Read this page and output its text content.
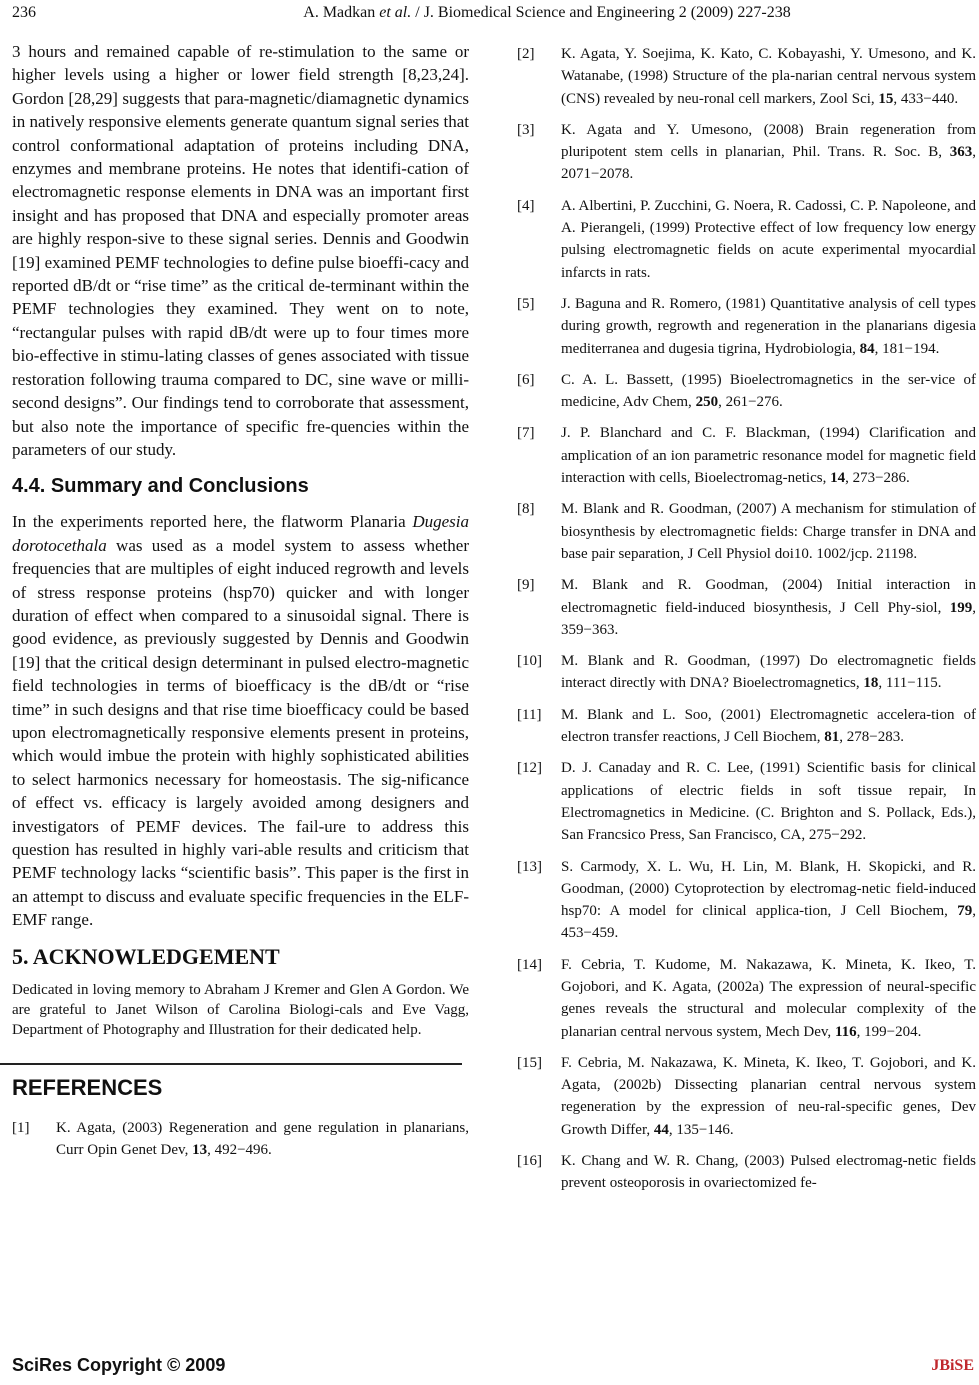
236	A. Madkan et al. / J. Biomedical Science and Engineering 2 (2009) 227-238

3 hours and remained capable of re-stimulation to the same or higher levels using a higher or lower field strength [8,23,24]. Gordon [28,29] suggests that para-magnetic/diamagnetic dynamics in natively responsive elements generate quantum signal series that control conformational adaptation of proteins including DNA, enzymes and membrane proteins. He notes that identifi-cation of electromagnetic response elements in DNA was an important first insight and has proposed that DNA and especially promoter areas are highly respon-sive to these signal series. Dennis and Goodwin [19] examined PEMF technologies to define pulse bioeffi-cacy and reported dB/dt or “rise time” as the critical de-terminant within the PEMF technologies they examined. They went on to note, “rectangular pulses with rapid dB/dt were up to four times more bio-effective in stimu-lating classes of genes associated with tissue restoration following trauma compared to DC, sine wave or milli-second designs”. Our findings tend to corroborate that assessment, but also note the importance of specific fre-quencies within the parameters of our study.

4.4. Summary and Conclusions

In the experiments reported here, the flatworm Planaria Dugesia dorotocethala was used as a model system to assess whether frequencies that are multiples of eight induced regrowth and levels of stress response proteins (hsp70) quicker and with longer duration of effect when compared to a sinusoidal signal. There is good evidence, as previously suggested by Dennis and Goodwin [19] that the critical design determinant in pulsed electro-magnetic field technologies in terms of bioefficacy is the dB/dt or “rise time” in such designs and that rise time bioefficacy could be based upon electromagnetically responsive elements present in proteins, which would imbue the protein with highly sophisticated abilities to select harmonics necessary for homeostasis. The sig-nificance of effect vs. efficacy is largely avoided among designers and investigators of PEMF devices. The fail-ure to address this question has resulted in highly vari-able results and criticism that PEMF technology lacks “scientific basis”. This paper is the first in an attempt to discuss and evaluate specific frequencies in the ELF-EMF range.

5. ACKNOWLEDGEMENT

Dedicated in loving memory to Abraham J Kremer and Glen A Gordon. We are grateful to Janet Wilson of Carolina Biologi-cals and Eve Vagg, Department of Photography and Illustration for their dedicated help.

REFERENCES
[1]	K. Agata, (2003) Regeneration and gene regulation in planarians, Curr Opin Genet Dev, 13, 492−496.
[2]	K. Agata, Y. Soejima, K. Kato, C. Kobayashi, Y. Umesono, and K. Watanabe, (1998) Structure of the pla-narian central nervous system (CNS) revealed by neu-ronal cell markers, Zool Sci, 15, 433−440.
[3]	K. Agata and Y. Umesono, (2008) Brain regeneration from pluripotent stem cells in planarian, Phil. Trans. R. Soc. B, 363, 2071−2078.
[4]	A. Albertini, P. Zucchini, G. Noera, R. Cadossi, C. P. Napoleone, and A. Pierangeli, (1999) Protective effect of low frequency low energy pulsing electromagnetic fields on acute experimental myocardial infarcts in rats.
[5]	J. Baguna and R. Romero, (1981) Quantitative analysis of cell types during growth, regrowth and regeneration in the planarians digesia mediterranea and dugesia tigrina, Hydrobiologia, 84, 181−194.
[6]	C. A. L. Bassett, (1995) Bioelectromagnetics in the ser-vice of medicine, Adv Chem, 250, 261−276.
[7]	J. P. Blanchard and C. F. Blackman, (1994) Clarification and amplication of an ion parametric resonance model for magnetic field interaction with cells, Bioelectromag-netics, 14, 273−286.
[8]	M. Blank and R. Goodman, (2007) A mechanism for stimulation of biosynthesis by electromagnetic fields: Charge transfer in DNA and base pair separation, J Cell Physiol doi10. 1002/jcp. 21198.
[9]	M. Blank and R. Goodman, (2004) Initial interaction in electromagnetic field-induced biosynthesis, J Cell Phy-siol, 199, 359−363.
[10]	M. Blank and R. Goodman, (1997) Do electromagnetic fields interact directly with DNA? Bioelectromagnetics, 18, 111−115.
[11]	M. Blank and L. Soo, (2001) Electromagnetic accelera-tion of electron transfer reactions, J Cell Biochem, 81, 278−283.
[12]	D. J. Canaday and R. C. Lee, (1991) Scientific basis for clinical applications of electric fields in soft tissue repair, In Electromagnetics in Medicine. (C. Brighton and S. Pollack, Eds.), San Francsico Press, San Francisco, CA, 275−292.
[13]	S. Carmody, X. L. Wu, H. Lin, M. Blank, H. Skopicki, and R. Goodman, (2000) Cytoprotection by electromag-netic field-induced hsp70: A model for clinical applica-tion, J Cell Biochem, 79, 453−459.
[14]	F. Cebria, T. Kudome, M. Nakazawa, K. Mineta, K. Ikeo, T. Gojobori, and K. Agata, (2002a) The expression of neural-specific genes reveals the structural and molecular complexity of the planarian central nervous system, Mech Dev, 116, 199−204.
[15]	F. Cebria, M. Nakazawa, K. Mineta, K. Ikeo, T. Gojobori, and K. Agata, (2002b) Dissecting planarian central nervous system regeneration by the expression of neu-ral-specific genes, Dev Growth Differ, 44, 135−146.
[16]	K. Chang and W. R. Chang, (2003) Pulsed electromag-netic fields prevent osteoporosis in ovariectomized fe-
SciRes Copyright © 2009	JBiSE
